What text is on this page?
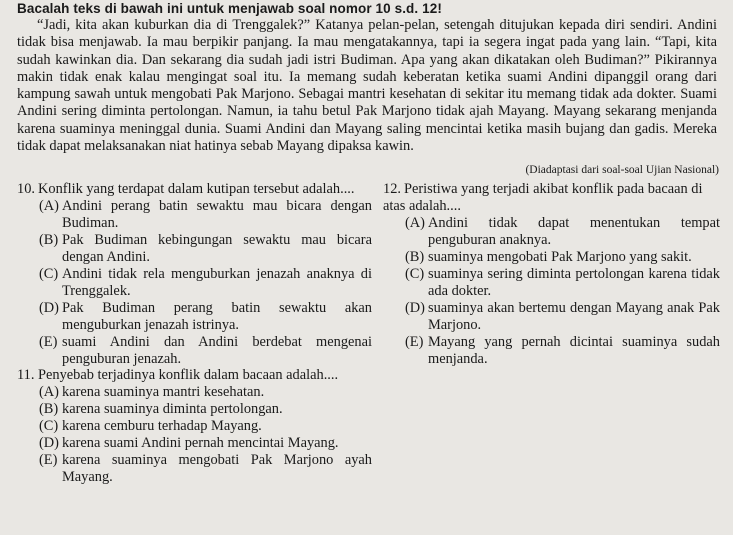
Bacalah teks di bawah ini untuk menjawab soal nomor 10 s.d. 12!

“Jadi, kita akan kuburkan dia di Trenggalek?” Katanya pelan-pelan, setengah ditujukan kepada diri sendiri. Andini tidak bisa menjawab. Ia mau berpikir panjang. Ia mau mengatakannya, tapi ia segera ingat pada yang lain. “Tapi, kita sudah kawinkan dia. Dan sekarang dia sudah jadi istri Budiman. Apa yang akan dikatakan oleh Budiman?” Pikirannya makin tidak enak kalau mengingat soal itu. Ia memang sudah keberatan ketika suami Andini dipanggil orang dari kampung sawah untuk mengobati Pak Marjono. Sebagai mantri kesehatan di sekitar itu memang tidak ada dokter. Suami Andini sering diminta pertolongan. Namun, ia tahu betul Pak Marjono tidak ajah Mayang. Mayang sekarang menjanda karena suaminya meninggal dunia. Suami Andini dan Mayang saling mencintai ketika masih bujang dan gadis. Mereka tidak dapat melaksanakan niat hatinya sebab Mayang dipaksa kawin.

(Diadaptasi dari soal-soal Ujian Nasional)
10. Konflik yang terdapat dalam kutipan tersebut adalah....
(A) Andini perang batin sewaktu mau bicara dengan Budiman.
(B) Pak Budiman kebingungan sewaktu mau bicara dengan Andini.
(C) Andini tidak rela menguburkan jenazah anaknya di Trenggalek.
(D) Pak Budiman perang batin sewaktu akan menguburkan jenazah istrinya.
(E) suami Andini dan Andini berdebat mengenai penguburan jenazah.
12. Peristiwa yang terjadi akibat konflik pada bacaan di atas adalah....
(A) Andini tidak dapat menentukan tempat penguburan anaknya.
(B) suaminya mengobati Pak Marjono yang sakit.
(C) suaminya sering diminta pertolongan karena tidak ada dokter.
(D) suaminya akan bertemu dengan Mayang anak Pak Marjono.
(E) Mayang yang pernah dicintai suaminya sudah menjanda.
11. Penyebab terjadinya konflik dalam bacaan adalah....
(A) karena suaminya mantri kesehatan.
(B) karena suaminya diminta pertolongan.
(C) karena cemburu terhadap Mayang.
(D) karena suami Andini pernah mencintai Mayang.
(E) karena suaminya mengobati Pak Marjono ayah Mayang.
